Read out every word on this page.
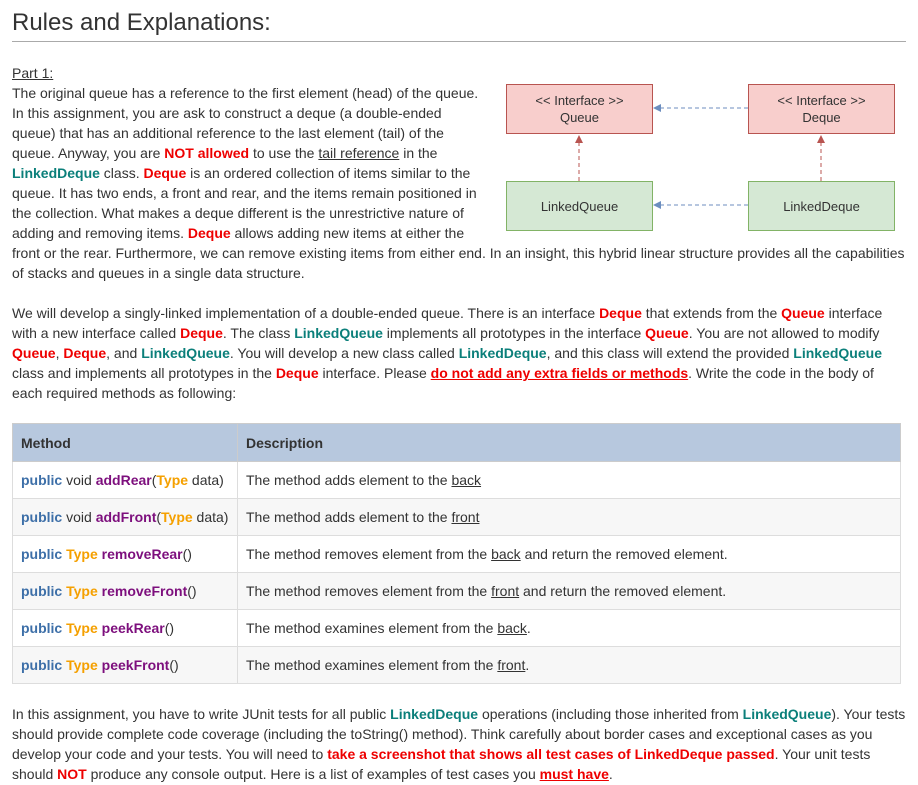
Rules and Explanations:

Part 1:

<< Interface >>
Queue
<< Interface >>
Deque
LinkedQueue	LinkedDeque

The original queue has a reference to the first element (head) of the queue. In this assignment, you are ask to construct a deque (a double-ended queue) that has an additional reference to the last element (tail) of the queue. Anyway, you are NOT allowed to use the tail reference in the LinkedDeque class. Deque is an ordered collection of items similar to the queue. It has two ends, a front and rear, and the items remain positioned in the collection. What makes a deque different is the unrestrictive nature of adding and removing items. Deque allows adding new items at either the front or the rear. Furthermore, we can remove existing items from either end. In an insight, this hybrid linear structure provides all the capabilities of stacks and queues in a single data structure.

We will develop a singly-linked implementation of a double-ended queue. There is an interface Deque that extends from the Queue interface with a new interface called Deque. The class LinkedQueue implements all prototypes in the interface Queue. You are not allowed to modify Queue, Deque, and LinkedQueue. You will develop a new class called LinkedDeque, and this class will extend the provided LinkedQueue class and implements all prototypes in the Deque interface. Please do not add any extra fields or methods. Write the code in the body of each required methods as following:

Method	Description
public void addRear(Type data)	The method adds element to the back
public void addFront(Type data)	The method adds element to the front
public Type removeRear()	The method removes element from the back and return the removed element.
public Type removeFront()	The method removes element from the front and return the removed element.
public Type peekRear()	The method examines element from the back.
public Type peekFront()	The method examines element from the front.

In this assignment, you have to write JUnit tests for all public LinkedDeque operations (including those inherited from LinkedQueue). Your tests should provide complete code coverage (including the toString() method). Think carefully about border cases and exceptional cases as you develop your code and your tests. You will need to take a screenshot that shows all test cases of LinkedDeque passed. Your unit tests should NOT produce any console output. Here is a list of examples of test cases you must have.
